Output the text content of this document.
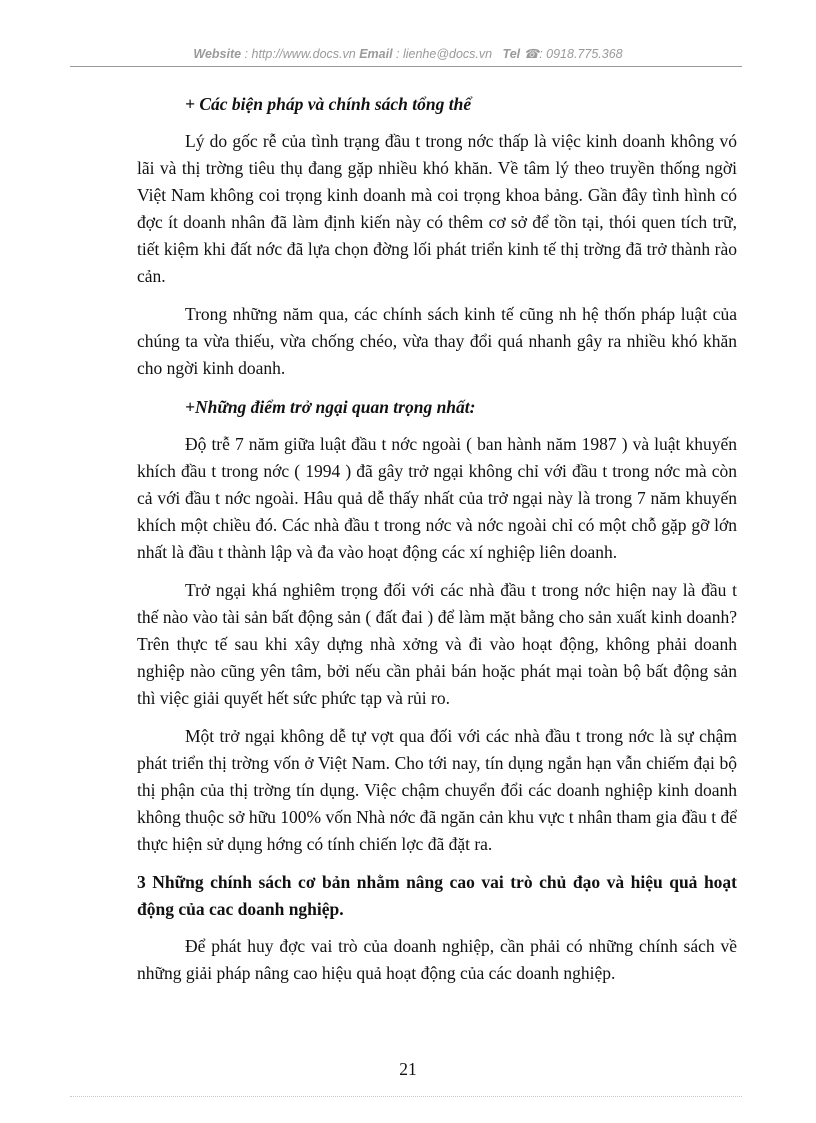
Website : http://www.docs.vn Email : lienhe@docs.vn   Tel ☎: 0918.775.368

+ Các biện pháp và chính sách tổng thể

Lý do gốc rễ của tình trạng đầu t trong nớc thấp là việc kinh doanh không vó lãi và thị trờng tiêu thụ đang gặp nhiều khó khăn. Về tâm lý theo truyền thống ngời Việt Nam không coi trọng kinh doanh mà coi trọng khoa bảng. Gần đây tình hình có đợc ít doanh nhân đã làm định kiến này có thêm cơ sở để tồn tại, thói quen tích trữ, tiết kiệm khi đất nớc đã lựa chọn đờng lối phát triển kinh tế thị trờng đã trở thành rào cản.

Trong những năm qua, các chính sách kinh tế cũng nh hệ thốn pháp luật của chúng ta vừa thiếu, vừa chống chéo, vừa thay đổi quá nhanh gây ra nhiều khó khăn cho ngời kinh doanh.

+Những điểm trở ngại quan trọng nhất:

Độ trễ 7 năm giữa luật đầu t nớc ngoài ( ban hành năm 1987 ) và luật khuyến khích đầu t trong nớc ( 1994 ) đã gây trở ngại không chỉ với đầu t trong nớc mà còn cả với đầu t nớc ngoài. Hâu quả dễ thấy nhất của trở ngại này là trong 7 năm khuyến khích một chiều đó. Các nhà đầu t trong nớc và nớc ngoài chỉ có một chỗ gặp gỡ lớn nhất là đầu t thành lập và đa vào hoạt động các xí nghiệp liên doanh.

Trở ngại khá nghiêm trọng đối với các nhà đầu t trong nớc hiện nay là đầu t thế nào vào tài sản bất động sản ( đất đai ) để làm mặt bằng cho sản xuất kinh doanh? Trên thực tế sau khi xây dựng nhà xởng và đi vào hoạt động, không phải doanh nghiệp nào cũng yên tâm, bởi nếu cần phải bán hoặc phát mại toàn bộ bất động sản thì việc giải quyết hết sức phức tạp và rủi ro.

Một trở ngại không dễ tự vợt qua đối với các nhà đầu t trong nớc là sự chậm phát triển thị trờng vốn ở Việt Nam. Cho tới nay, tín dụng ngắn hạn vẫn chiếm đại bộ thị phận của thị trờng tín dụng. Việc chậm chuyển đổi các doanh nghiệp kinh doanh không thuộc sở hữu 100% vốn Nhà nớc đã ngăn cản khu vực t nhân tham gia đầu t để thực hiện sử dụng hớng có tính chiến lợc đã đặt ra.

3 Những chính sách cơ bản nhằm nâng cao vai trò chủ đạo và hiệu quả hoạt động của cac doanh nghiệp.

Để phát huy đợc vai trò của doanh nghiệp, cần phải có những chính sách về những giải pháp nâng cao hiệu quả hoạt động của các doanh nghiệp.

21
